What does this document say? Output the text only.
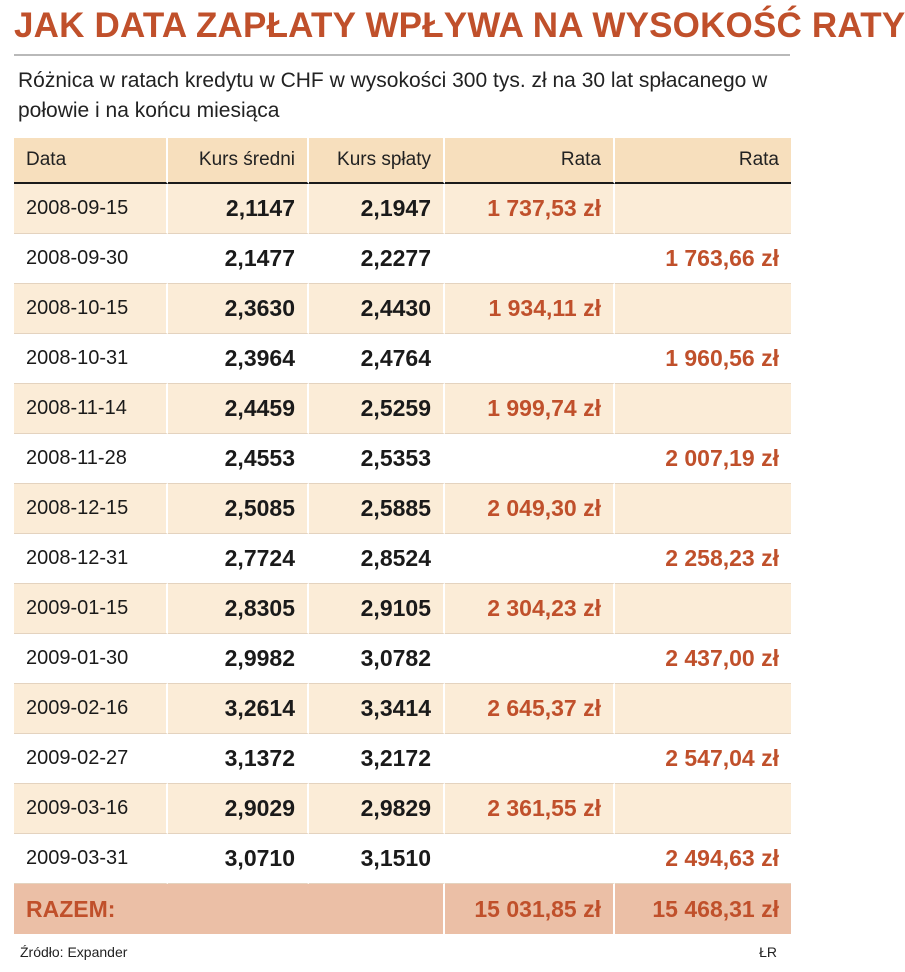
JAK DATA ZAPŁATY WPŁYWA NA WYSOKOŚĆ RATY
Różnica w ratach kredytu w CHF w wysokości 300 tys. zł na 30 lat spłacanego w połowie i na końcu miesiąca
Data	Kurs średni	Kurs spłaty	Rata	Rata
2008-09-15	2,1147	2,1947	1 737,53 zł	
2008-09-30	2,1477	2,2277		1 763,66 zł
2008-10-15	2,3630	2,4430	1 934,11 zł	
2008-10-31	2,3964	2,4764		1 960,56 zł
2008-11-14	2,4459	2,5259	1 999,74 zł	
2008-11-28	2,4553	2,5353		2 007,19 zł
2008-12-15	2,5085	2,5885	2 049,30 zł	
2008-12-31	2,7724	2,8524		2 258,23 zł
2009-01-15	2,8305	2,9105	2 304,23 zł	
2009-01-30	2,9982	3,0782		2 437,00 zł
2009-02-16	3,2614	3,3414	2 645,37 zł	
2009-02-27	3,1372	3,2172		2 547,04 zł
2009-03-16	2,9029	2,9829	2 361,55 zł	
2009-03-31	3,0710	3,1510		2 494,63 zł
RAZEM:			15 031,85 zł	15 468,31 zł
Źródło: Expander	ŁR
